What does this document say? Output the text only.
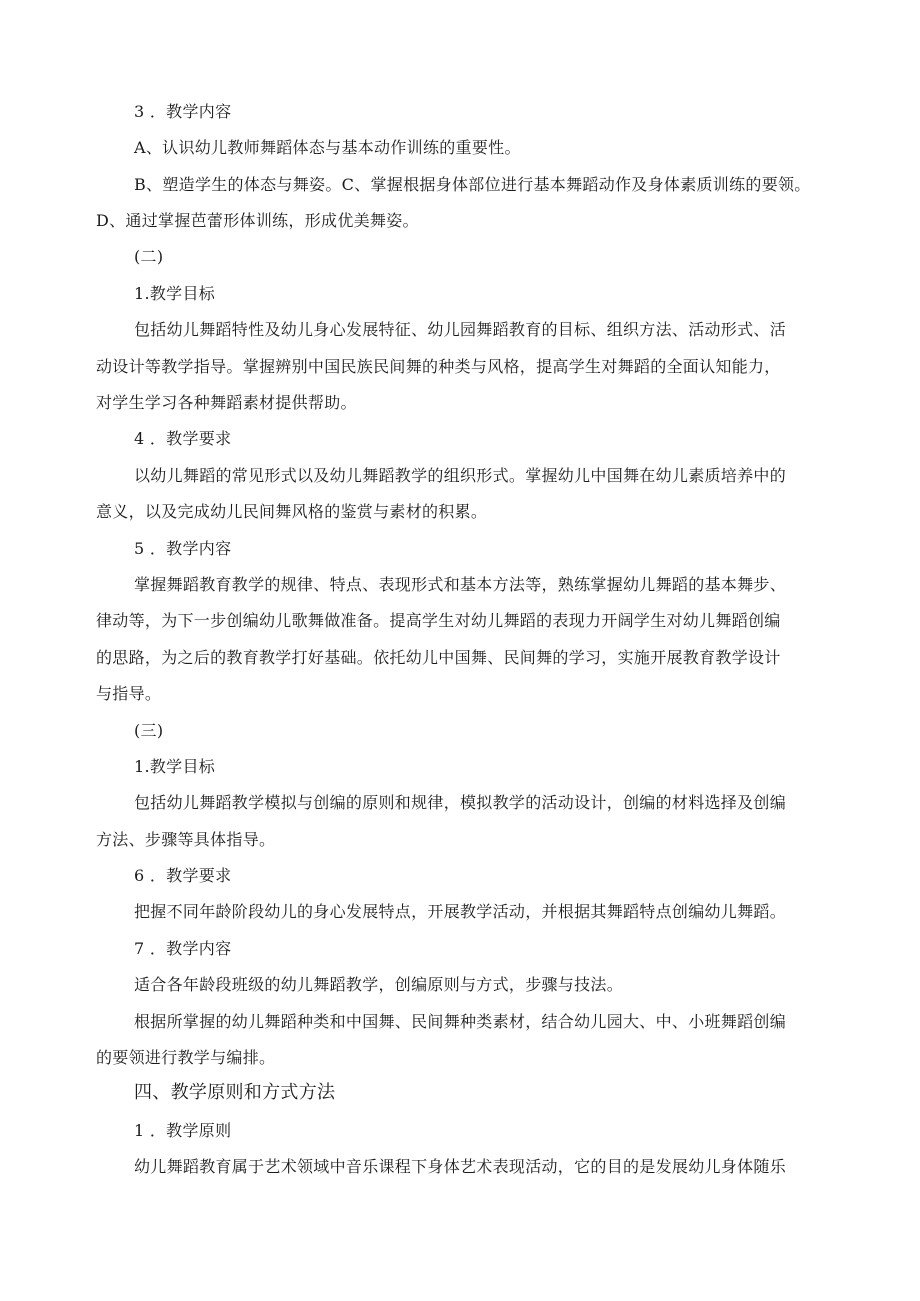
3 ．教学内容
A、认识幼儿教师舞蹈体态与基本动作训练的重要性。
B、塑造学生的体态与舞姿。C、掌握根据身体部位进行基本舞蹈动作及身体素质训练的要领。
D、通过掌握芭蕾形体训练，形成优美舞姿。
(二)
1.教学目标
包括幼儿舞蹈特性及幼儿身心发展特征、幼儿园舞蹈教育的目标、组织方法、活动形式、活
动设计等教学指导。掌握辨别中国民族民间舞的种类与风格，提高学生对舞蹈的全面认知能力，
对学生学习各种舞蹈素材提供帮助。
4 ．教学要求
以幼儿舞蹈的常见形式以及幼儿舞蹈教学的组织形式。掌握幼儿中国舞在幼儿素质培养中的
意义，以及完成幼儿民间舞风格的鉴赏与素材的积累。
5 ．教学内容
掌握舞蹈教育教学的规律、特点、表现形式和基本方法等，熟练掌握幼儿舞蹈的基本舞步、
律动等，为下一步创编幼儿歌舞做准备。提高学生对幼儿舞蹈的表现力开阔学生对幼儿舞蹈创编
的思路，为之后的教育教学打好基础。依托幼儿中国舞、民间舞的学习，实施开展教育教学设计
与指导。
(三)
1.教学目标
包括幼儿舞蹈教学模拟与创编的原则和规律，模拟教学的活动设计，创编的材料选择及创编
方法、步骤等具体指导。
6 ．教学要求
把握不同年龄阶段幼儿的身心发展特点，开展教学活动，并根据其舞蹈特点创编幼儿舞蹈。
7 ．教学内容
适合各年龄段班级的幼儿舞蹈教学，创编原则与方式，步骤与技法。
根据所掌握的幼儿舞蹈种类和中国舞、民间舞种类素材，结合幼儿园大、中、小班舞蹈创编
的要领进行教学与编排。
四、教学原则和方式方法
1 ．教学原则
幼儿舞蹈教育属于艺术领域中音乐课程下身体艺术表现活动，它的目的是发展幼儿身体随乐
